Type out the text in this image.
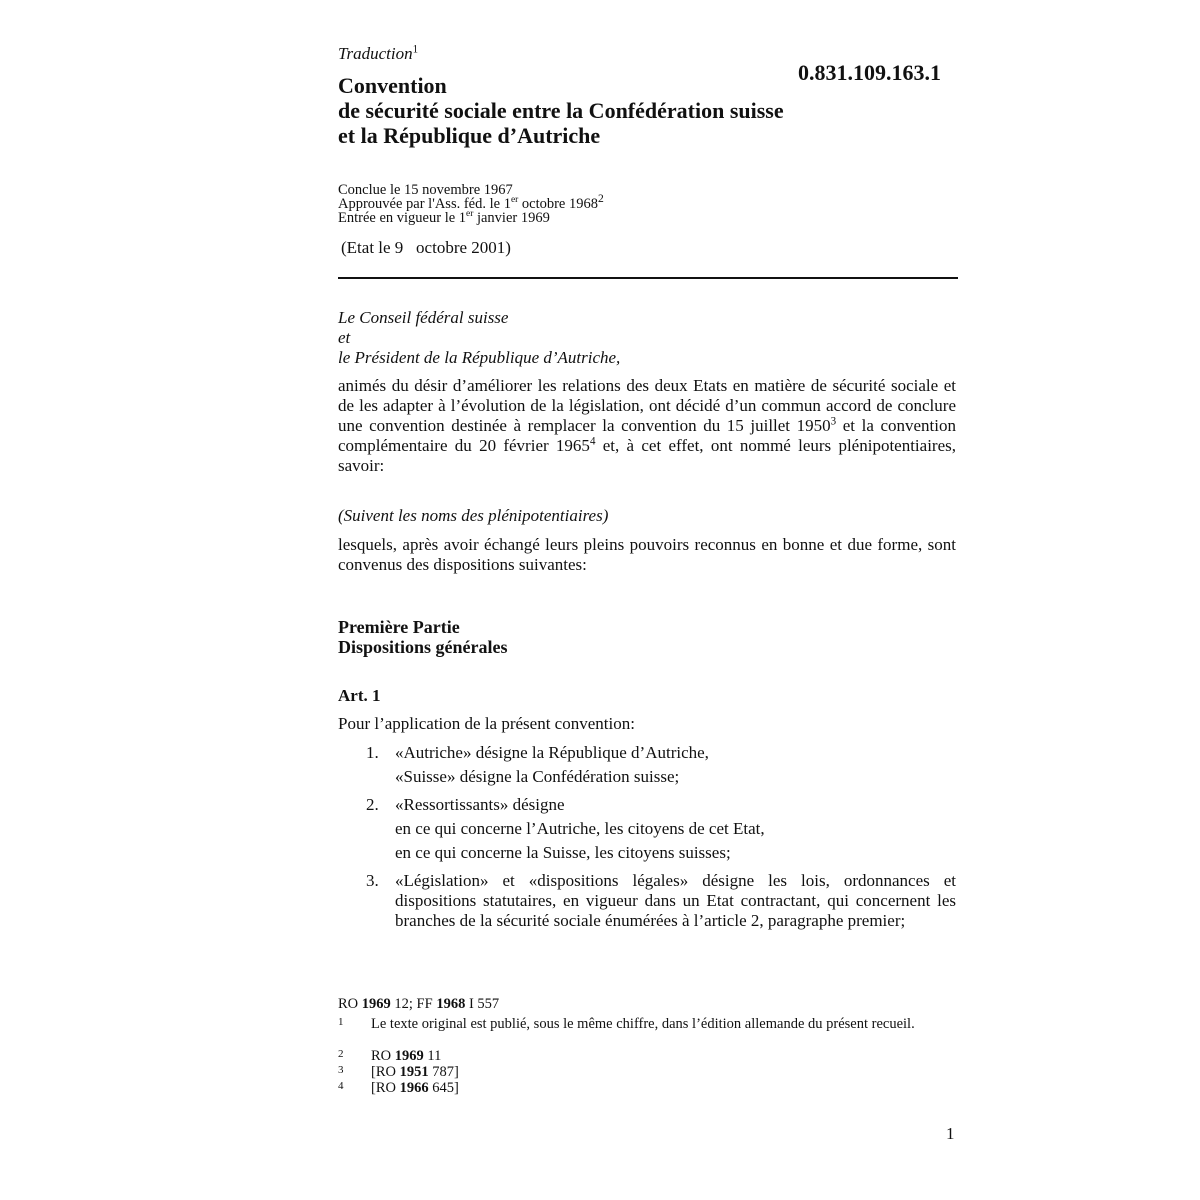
Traduction$^1$
0.831.109.163.1
Convention
de sécurité sociale entre la Confédération suisse
et la République d’Autriche
Conclue le 15 novembre 1967
Approuvée par l'Ass. féd. le 1er octobre 1968$^2$
Entrée en vigueur le 1er janvier 1969
(Etat le 9   octobre 2001)
Le Conseil fédéral suisse
et
le Président de la République d’Autriche,
animés du désir d’améliorer les relations des deux Etats en matière de sécurité sociale et de les adapter à l’évolution de la législation, ont décidé d’un commun accord de conclure une convention destinée à remplacer la convention du 15 juillet 1950$^3$ et la convention complémentaire du 20 février 1965$^4$ et, à cet effet, ont nommé leurs plénipotentiaires, savoir:
(Suivent les noms des plénipotentiaires)
lesquels, après avoir échangé leurs pleins pouvoirs reconnus en bonne et due forme, sont convenus des dispositions suivantes:
Première Partie
Dispositions générales
Art. 1
Pour l’application de la présent convention:
1. «Autriche» désigne la République d’Autriche,
«Suisse» désigne la Confédération suisse;
2. «Ressortissants» désigne
en ce qui concerne l’Autriche, les citoyens de cet Etat,
en ce qui concerne la Suisse, les citoyens suisses;
3. «Législation» et «dispositions légales» désigne les lois, ordonnances et dispositions statutaires, en vigueur dans un Etat contractant, qui concernent les branches de la sécurité sociale énumérées à l’article 2, paragraphe premier;
RO 1969 12; FF 1968 I 557
1 Le texte original est publié, sous le même chiffre, dans l’édition allemande du présent recueil.
2 RO 1969 11
3 [RO 1951 787]
4 [RO 1966 645]
1
